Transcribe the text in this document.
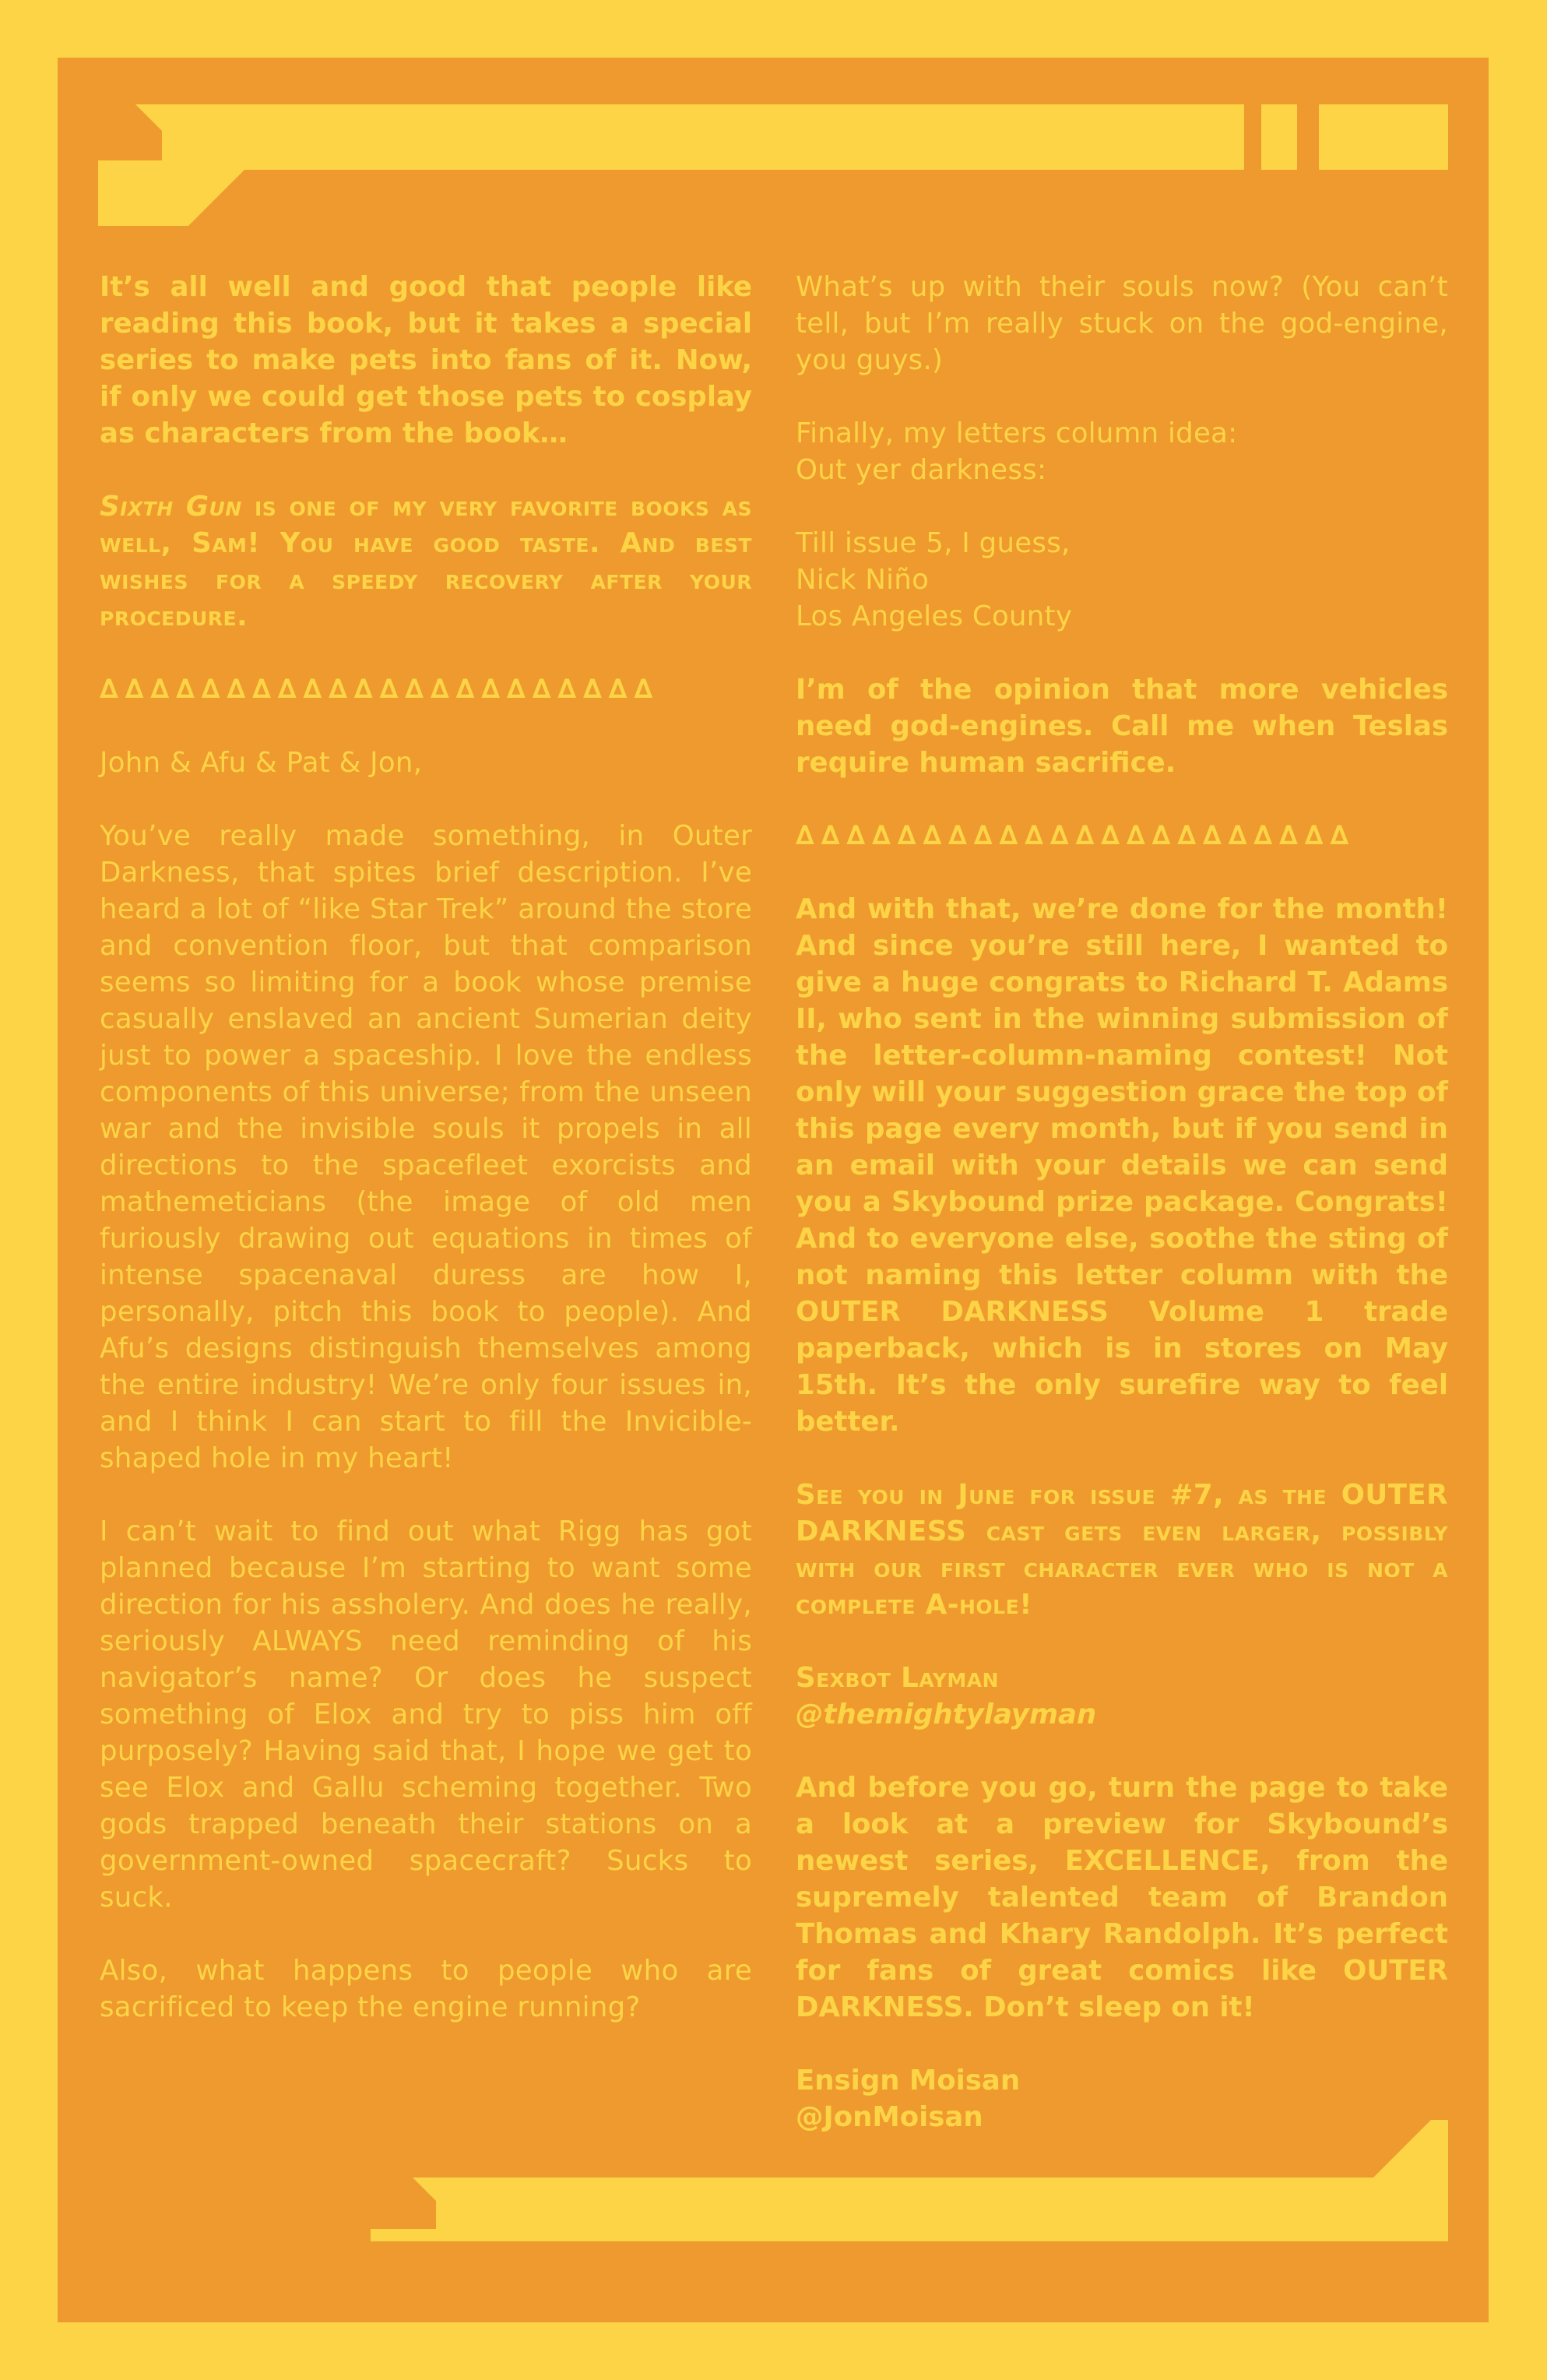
It’s all well and good that people like reading this book, but it takes a special series to make pets into fans of it. Now, if only we could get those pets to cosplay as characters from the book…

Sixth Gun is one of my very favorite books as well, Sam! You have good taste. And best wishes for a speedy recovery after your procedure.

∆∆∆∆∆∆∆∆∆∆∆∆∆∆∆∆∆∆∆∆∆∆

John & Afu & Pat & Jon,

You’ve really made something, in Outer Darkness, that spites brief description. I’ve heard a lot of “like Star Trek” around the store and convention floor, but that comparison seems so limiting for a book whose premise casually enslaved an ancient Sumerian deity just to power a spaceship. I love the endless components of this universe; from the unseen war and the invisible souls it propels in all directions to the spacefleet exorcists and mathemeticians (the image of old men furiously drawing out equations in times of intense spacenaval duress are how I, personally, pitch this book to people). And Afu’s designs distinguish themselves among the entire industry! We’re only four issues in, and I think I can start to fill the Invicible-shaped hole in my heart!

I can’t wait to find out what Rigg has got planned because I’m starting to want some direction for his assholery. And does he really, seriously ALWAYS need reminding of his navigator’s name? Or does he suspect something of Elox and try to piss him off purposely? Having said that, I hope we get to see Elox and Gallu scheming together. Two gods trapped beneath their stations on a government-owned spacecraft? Sucks to suck.

Also, what happens to people who are sacrificed to keep the engine running?

What’s up with their souls now? (You can’t tell, but I’m really stuck on the god-engine, you guys.)

Finally, my letters column idea:
Out yer darkness:

Till issue 5, I guess,
Nick Niño
Los Angeles County

I’m of the opinion that more vehicles need god-engines. Call me when Teslas require human sacrifice.

∆∆∆∆∆∆∆∆∆∆∆∆∆∆∆∆∆∆∆∆∆∆

And with that, we’re done for the month! And since you’re still here, I wanted to give a huge congrats to Richard T. Adams II, who sent in the winning submission of the letter-column-naming contest! Not only will your suggestion grace the top of this page every month, but if you send in an email with your details we can send you a Skybound prize package. Congrats! And to everyone else, soothe the sting of not naming this letter column with the OUTER DARKNESS Volume 1 trade paperback, which is in stores on May 15th. It’s the only surefire way to feel better.

See you in June for issue #7, as the OUTER DARKNESS cast gets even larger, possibly with our first character ever who is not a complete A-hole!

Sexbot Layman
@themightylayman

And before you go, turn the page to take a look at a preview for Skybound’s newest series, EXCELLENCE, from the supremely talented team of Brandon Thomas and Khary Randolph. It’s perfect for fans of great comics like OUTER DARKNESS. Don’t sleep on it!

Ensign Moisan
@JonMoisan
